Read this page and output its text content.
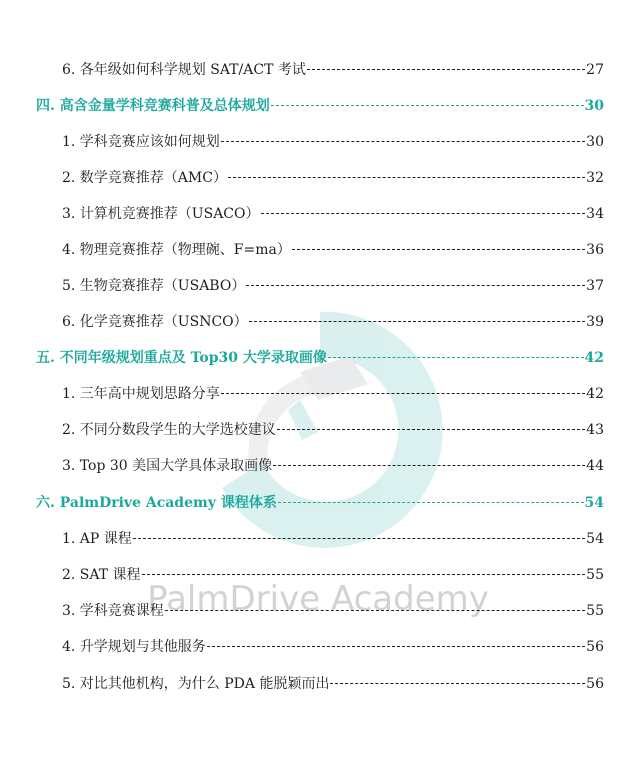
PalmDrive Academy
6. 各年级如何科学规划 SAT/ACT 考试	27
四. 高含金量学科竞赛科普及总体规划	30
1. 学科竞赛应该如何规划	30
2. 数学竞赛推荐（AMC）	32
3. 计算机竞赛推荐（USACO）	34
4. 物理竞赛推荐（物理碗、F=ma）	36
5. 生物竞赛推荐（USABO）	37
6. 化学竞赛推荐（USNCO）	39
五. 不同年级规划重点及 Top30 大学录取画像	42
1. 三年高中规划思路分享	42
2. 不同分数段学生的大学选校建议	43
3. Top 30 美国大学具体录取画像	44
六. PalmDrive Academy 课程体系	54
1. AP 课程	54
2. SAT 课程	55
3. 学科竞赛课程	55
4. 升学规划与其他服务	56
5. 对比其他机构，为什么 PDA 能脱颖而出	56
